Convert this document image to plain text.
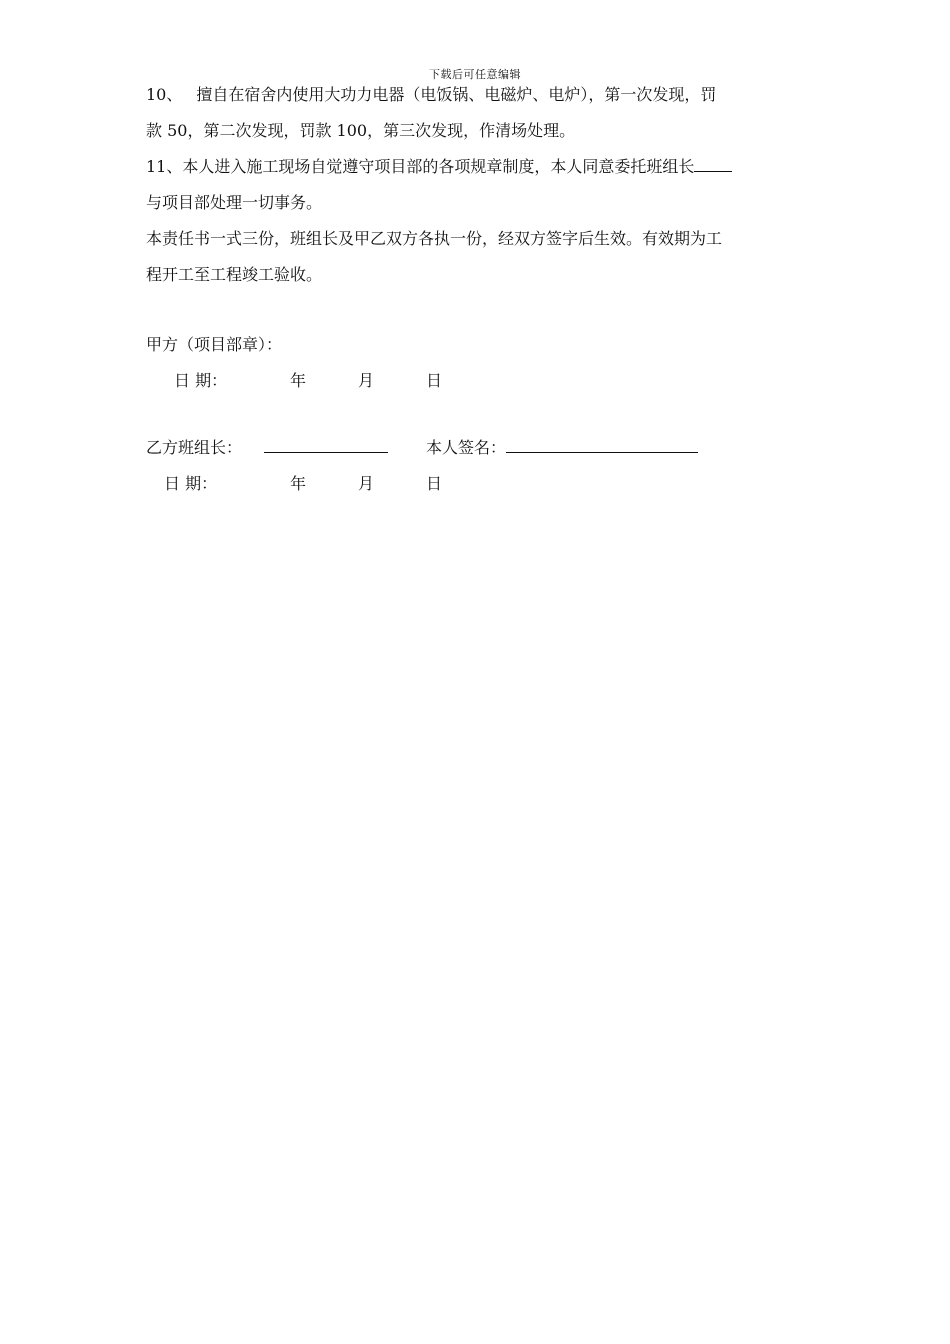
下载后可任意编辑
10、 擅自在宿舍内使用大功力电器（电饭锅、电磁炉、电炉），第一次发现，罚
款 50，第二次发现，罚款 100，第三次发现，作清场处理。
11、本人进入施工现场自觉遵守项目部的各项规章制度，本人同意委托班组长
与项目部处理一切事务。
本责任书一式三份，班组长及甲乙双方各执一份，经双方签字后生效。有效期为工
程开工至工程竣工验收。
甲方（项目部章）：
日 期：	年	月	日
乙方班组长：	本人签名：
日 期：	年	月	日
